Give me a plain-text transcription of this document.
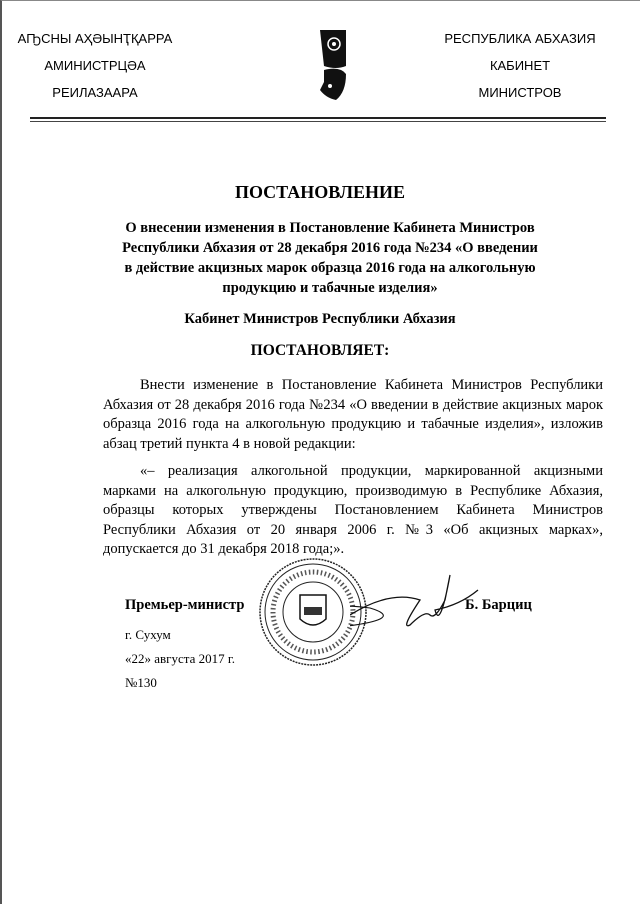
АҦСНЫ АҲӘЫНҬҚАРРА
АМИНИСТРЦӘА
РЕИЛАЗААРА
РЕСПУБЛИКА АБХАЗИЯ
КАБИНЕТ
МИНИСТРОВ
ПОСТАНОВЛЕНИЕ
О внесении изменения в Постановление Кабинета Министров Республики Абхазия от 28 декабря 2016 года №234 «О введении в действие акцизных марок образца 2016 года на алкогольную продукцию и табачные изделия»
Кабинет Министров Республики Абхазия
ПОСТАНОВЛЯЕТ:
Внести изменение в Постановление Кабинета Министров Республики Абхазия от 28 декабря 2016 года №234 «О введении в действие акцизных марок образца 2016 года на алкогольную продукцию и табачные изделия», изложив абзац третий пункта 4 в новой редакции:
«– реализация алкогольной продукции, маркированной акцизными марками на алкогольную продукцию, производимую в Республике Абхазия, образцы которых утверждены Постановлением Кабинета Министров Республики Абхазия от 20 января 2006 г. №3 «Об акцизных марках», допускается до 31 декабря 2018 года;».
Премьер-министр	Б. Барциц
г. Сухум
«22» августа 2017 г.
№130
